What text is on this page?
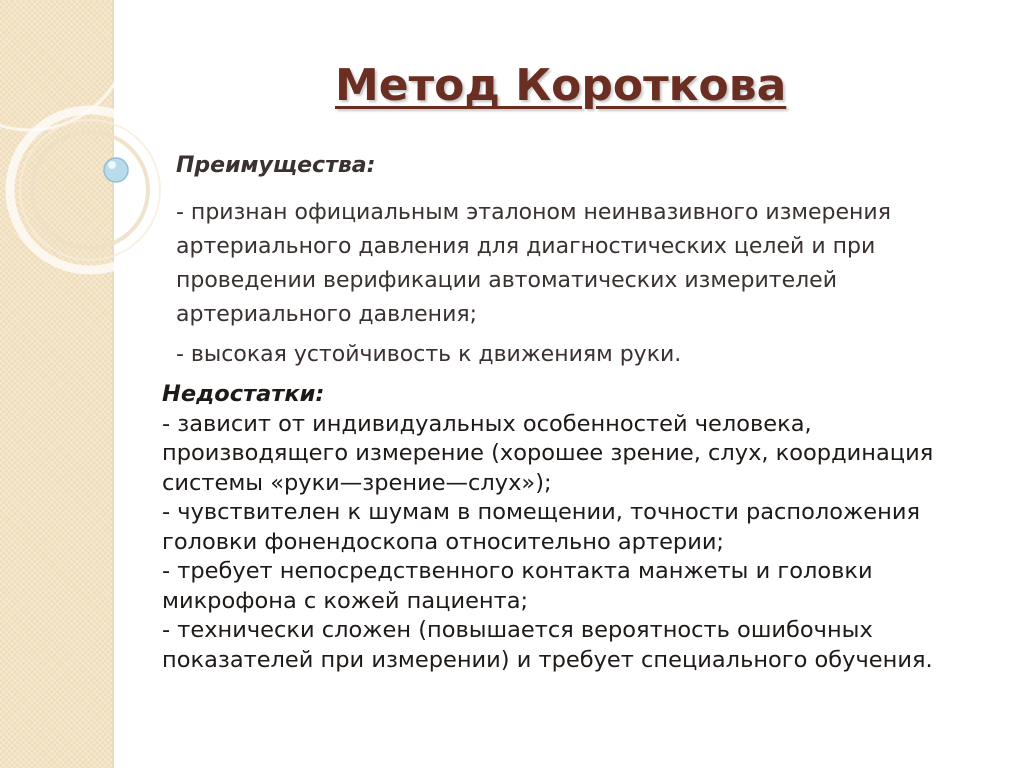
Метод Короткова
Преимущества:
- признан официальным эталоном неинвазивного измерения артериального давления для диагностических целей и при проведении верификации автоматических измерителей артериального давления;
- высокая устойчивость к движениям руки.
Недостатки:
- зависит от индивидуальных особенностей человека, производящего измерение (хорошее зрение, слух, координация системы «руки—зрение—слух»);
- чувствителен к шумам в помещении, точности расположения головки фонендоскопа относительно артерии;
- требует непосредственного контакта манжеты и головки микрофона с кожей пациента;
- технически сложен (повышается вероятность ошибочных показателей при измерении) и требует специального обучения.
